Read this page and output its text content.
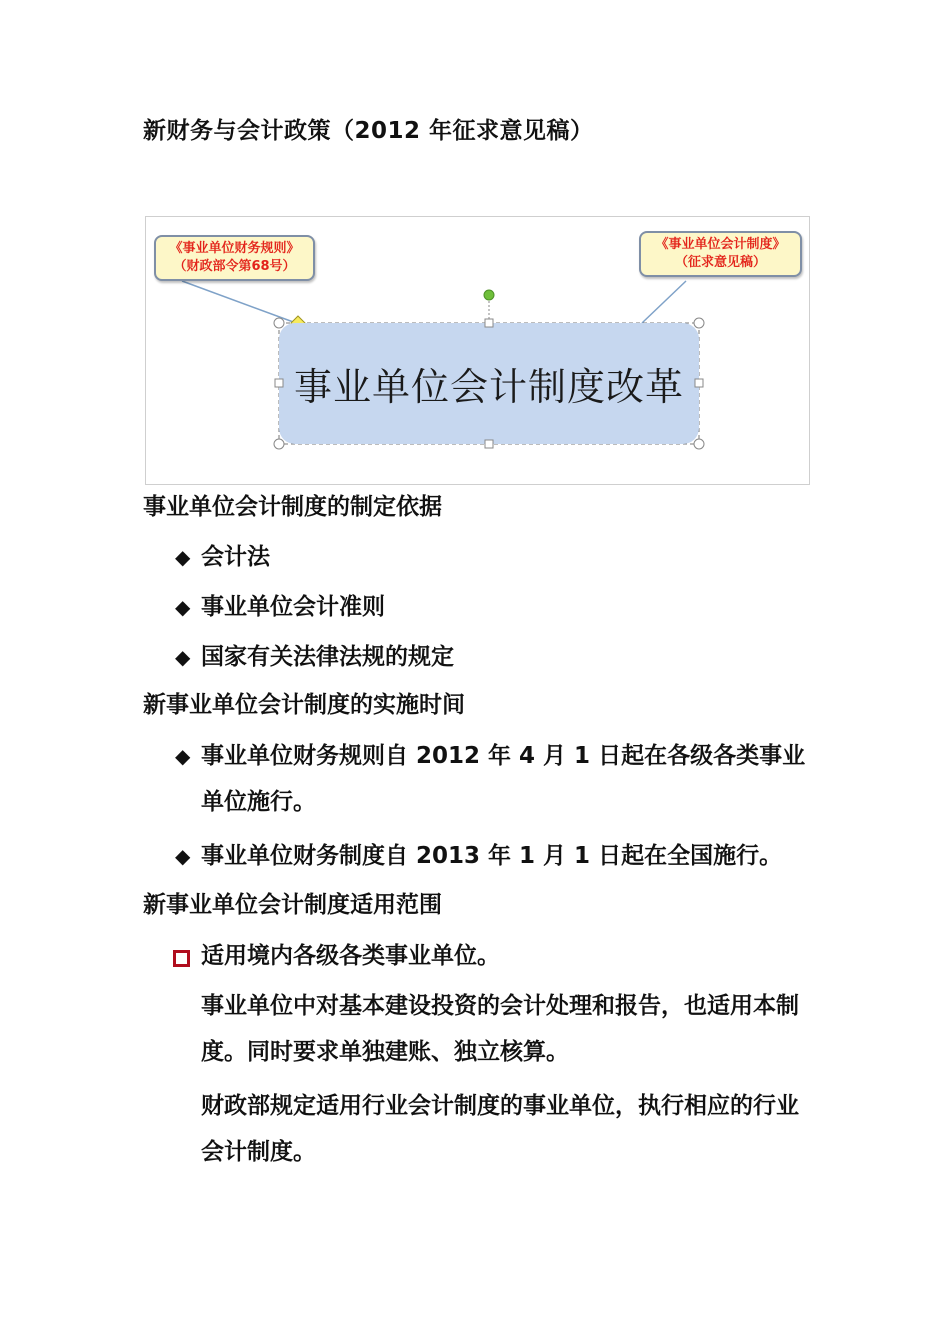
新财务与会计政策（2012 年征求意见稿）
《事业单位财务规则》
（财政部令第68号）
《事业单位会计制度》
（征求意见稿）
事业单位会计制度改革
事业单位会计制度的制定依据
◆ 会计法
◆ 事业单位会计准则
◆ 国家有关法律法规的规定
新事业单位会计制度的实施时间
◆ 事业单位财务规则自 2012 年 4 月 1 日起在各级各类事业单位施行。
◆ 事业单位财务制度自 2013 年 1 月 1 日起在全国施行。
新事业单位会计制度适用范围
适用境内各级各类事业单位。
事业单位中对基本建设投资的会计处理和报告，也适用本制度。同时要求单独建账、独立核算。
财政部规定适用行业会计制度的事业单位，执行相应的行业会计制度。
